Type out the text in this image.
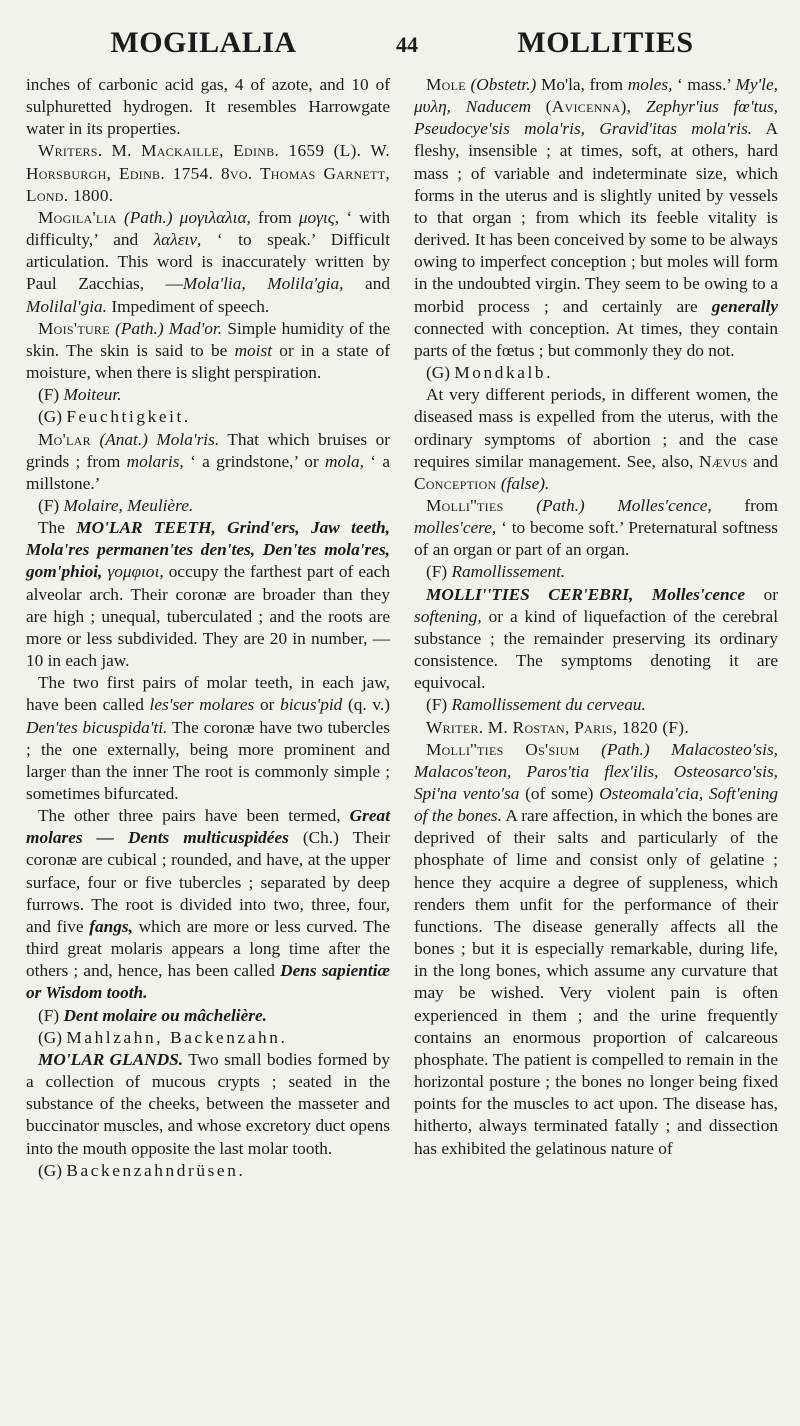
MOGILALIA	44	MOLLITIES

inches of carbonic acid gas, 4 of azote, and 10 of sulphuretted hydrogen. It resembles Harrowgate water in its properties.

Writers. M. Mackaille, Edinb. 1659 (L). W. Horsburgh, Edinb. 1754. 8vo. Thomas Garnett, Lond. 1800.

Mogila'lia (Path.) μογιλαλια, from μογις, ‘ with difficulty,’ and λαλειν, ‘ to speak.’ Difficult articulation. This word is inaccurately written by Paul Zacchias, —Mola'lia, Molila'gia, and Molilal'gia. Impediment of speech.

Mois'ture (Path.) Mad'or. Simple humidity of the skin. The skin is said to be moist or in a state of moisture, when there is slight perspiration.

(F) Moiteur.

(G) Feuchtigkeit.

Mo'lar (Anat.) Mola'ris. That which bruises or grinds ; from molaris, ‘ a grindstone,’ or mola, ‘ a millstone.’

(F) Molaire, Meulière.

The MO'LAR TEETH, Grind'ers, Jaw teeth, Mola'res permanen'tes den'tes, Den'tes mola'res, gom'phioi, γομφιοι, occupy the farthest part of each alveolar arch. Their coronæ are broader than they are high ; unequal, tuberculated ; and the roots are more or less subdivided. They are 20 in number, — 10 in each jaw.

The two first pairs of molar teeth, in each jaw, have been called les'ser molares or bicus'pid (q. v.) Den'tes bicuspida'ti. The coronæ have two tubercles ; the one externally, being more prominent and larger than the inner The root is commonly simple ; sometimes bifurcated.

The other three pairs have been termed, Great molares — Dents multicuspidées (Ch.) Their coronæ are cubical ; rounded, and have, at the upper surface, four or five tubercles ; separated by deep furrows. The root is divided into two, three, four, and five fangs, which are more or less curved. The third great molaris appears a long time after the others ; and, hence, has been called Dens sapientiæ or Wisdom tooth.

(F) Dent molaire ou mâchelière.

(G) Mahlzahn, Backenzahn.

MO'LAR GLANDS. Two small bodies formed by a collection of mucous crypts ; seated in the substance of the cheeks, between the masseter and buccinator muscles, and whose excretory duct opens into the mouth opposite the last molar tooth.

(G) Backenzahndrüsen.

Mole (Obstetr.) Mo'la, from moles, ‘ mass.’ My'le, μυλη, Naducem (Avicenna), Zephyr'ius fœ'tus, Pseudocye'sis mola'ris, Gravid'itas mola'ris. A fleshy, insensible ; at times, soft, at others, hard mass ; of variable and indeterminate size, which forms in the uterus and is slightly united by vessels to that organ ; from which its feeble vitality is derived. It has been conceived by some to be always owing to imperfect conception ; but moles will form in the undoubted virgin. They seem to be owing to a morbid process ; and certainly are generally connected with conception. At times, they contain parts of the fœtus ; but commonly they do not.

(G) Mondkalb.

At very different periods, in different women, the diseased mass is expelled from the uterus, with the ordinary symptoms of abortion ; and the case requires similar management. See, also, Nævus and Conception (false).

Molli''ties (Path.) Molles'cence, from molles'cere, ‘ to become soft.’ Preternatural softness of an organ or part of an organ.

(F) Ramollissement.

MOLLI''TIES CER'EBRI, Molles'cence or softening, or a kind of liquefaction of the cerebral substance ; the remainder preserving its ordinary consistence. The symptoms denoting it are equivocal.

(F) Ramollissement du cerveau.

Writer. M. Rostan, Paris, 1820 (F).

Molli''ties Os'sium (Path.) Malacosteo'sis, Malacos'teon, Paros'tia flex'ilis, Osteosarco'sis, Spi'na vento'sa (of some) Osteomala'cia, Soft'ening of the bones. A rare affection, in which the bones are deprived of their salts and particularly of the phosphate of lime and consist only of gelatine ; hence they acquire a degree of suppleness, which renders them unfit for the performance of their functions. The disease generally affects all the bones ; but it is especially remarkable, during life, in the long bones, which assume any curvature that may be wished. Very violent pain is often experienced in them ; and the urine frequently contains an enormous proportion of calcareous phosphate. The patient is compelled to remain in the horizontal posture ; the bones no longer being fixed points for the muscles to act upon. The disease has, hitherto, always terminated fatally ; and dissection has exhibited the gelatinous nature of
